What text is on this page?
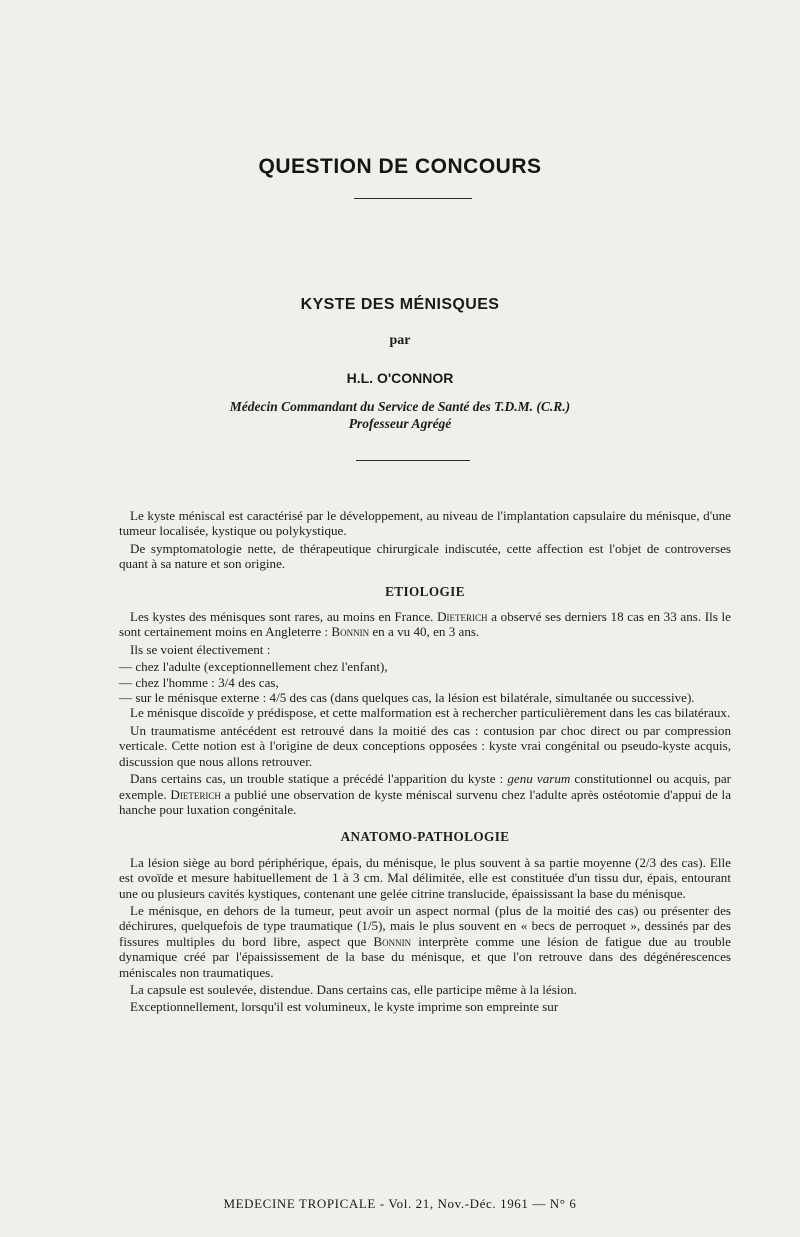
QUESTION DE CONCOURS
KYSTE DES MÉNISQUES
par
H.L. O'CONNOR
Médecin Commandant du Service de Santé des T.D.M. (C.R.)
Professeur Agrégé

Le kyste méniscal est caractérisé par le développement, au niveau de l'implantation capsulaire du ménisque, d'une tumeur localisée, kystique ou polykystique.

De symptomatologie nette, de thérapeutique chirurgicale indiscutée, cette affection est l'objet de controverses quant à sa nature et son origine.

ETIOLOGIE

Les kystes des ménisques sont rares, au moins en France. Dieterich a observé ses derniers 18 cas en 33 ans. Ils le sont certainement moins en Angleterre : Bonnin en a vu 40, en 3 ans.

Ils se voient électivement :

— chez l'adulte (exceptionnellement chez l'enfant),
— chez l'homme : 3/4 des cas,
— sur le ménisque externe : 4/5 des cas (dans quelques cas, la lésion est bilatérale, simultanée ou successive).

Le ménisque discoïde y prédispose, et cette malformation est à rechercher particulièrement dans les cas bilatéraux.

Un traumatisme antécédent est retrouvé dans la moitié des cas : contusion par choc direct ou par compression verticale. Cette notion est à l'origine de deux conceptions opposées : kyste vrai congénital ou pseudo-kyste acquis, discussion que nous allons retrouver.

Dans certains cas, un trouble statique a précédé l'apparition du kyste : genu varum constitutionnel ou acquis, par exemple. Dieterich a publié une observation de kyste méniscal survenu chez l'adulte après ostéotomie d'appui de la hanche pour luxation congénitale.

ANATOMO-PATHOLOGIE

La lésion siège au bord périphérique, épais, du ménisque, le plus souvent à sa partie moyenne (2/3 des cas). Elle est ovoïde et mesure habituellement de 1 à 3 cm. Mal délimitée, elle est constituée d'un tissu dur, épais, entourant une ou plusieurs cavités kystiques, contenant une gelée citrine translucide, épaississant la base du ménisque.

Le ménisque, en dehors de la tumeur, peut avoir un aspect normal (plus de la moitié des cas) ou présenter des déchirures, quelquefois de type traumatique (1/5), mais le plus souvent en « becs de perroquet », dessinés par des fissures multiples du bord libre, aspect que Bonnin interprète comme une lésion de fatigue due au trouble dynamique créé par l'épaississement de la base du ménisque, et que l'on retrouve dans des dégénérescences méniscales non traumatiques.

La capsule est soulevée, distendue. Dans certains cas, elle participe même à la lésion.

Exceptionnellement, lorsqu'il est volumineux, le kyste imprime son empreinte sur

MEDECINE TROPICALE - Vol. 21, Nov.-Déc. 1961 — N° 6
